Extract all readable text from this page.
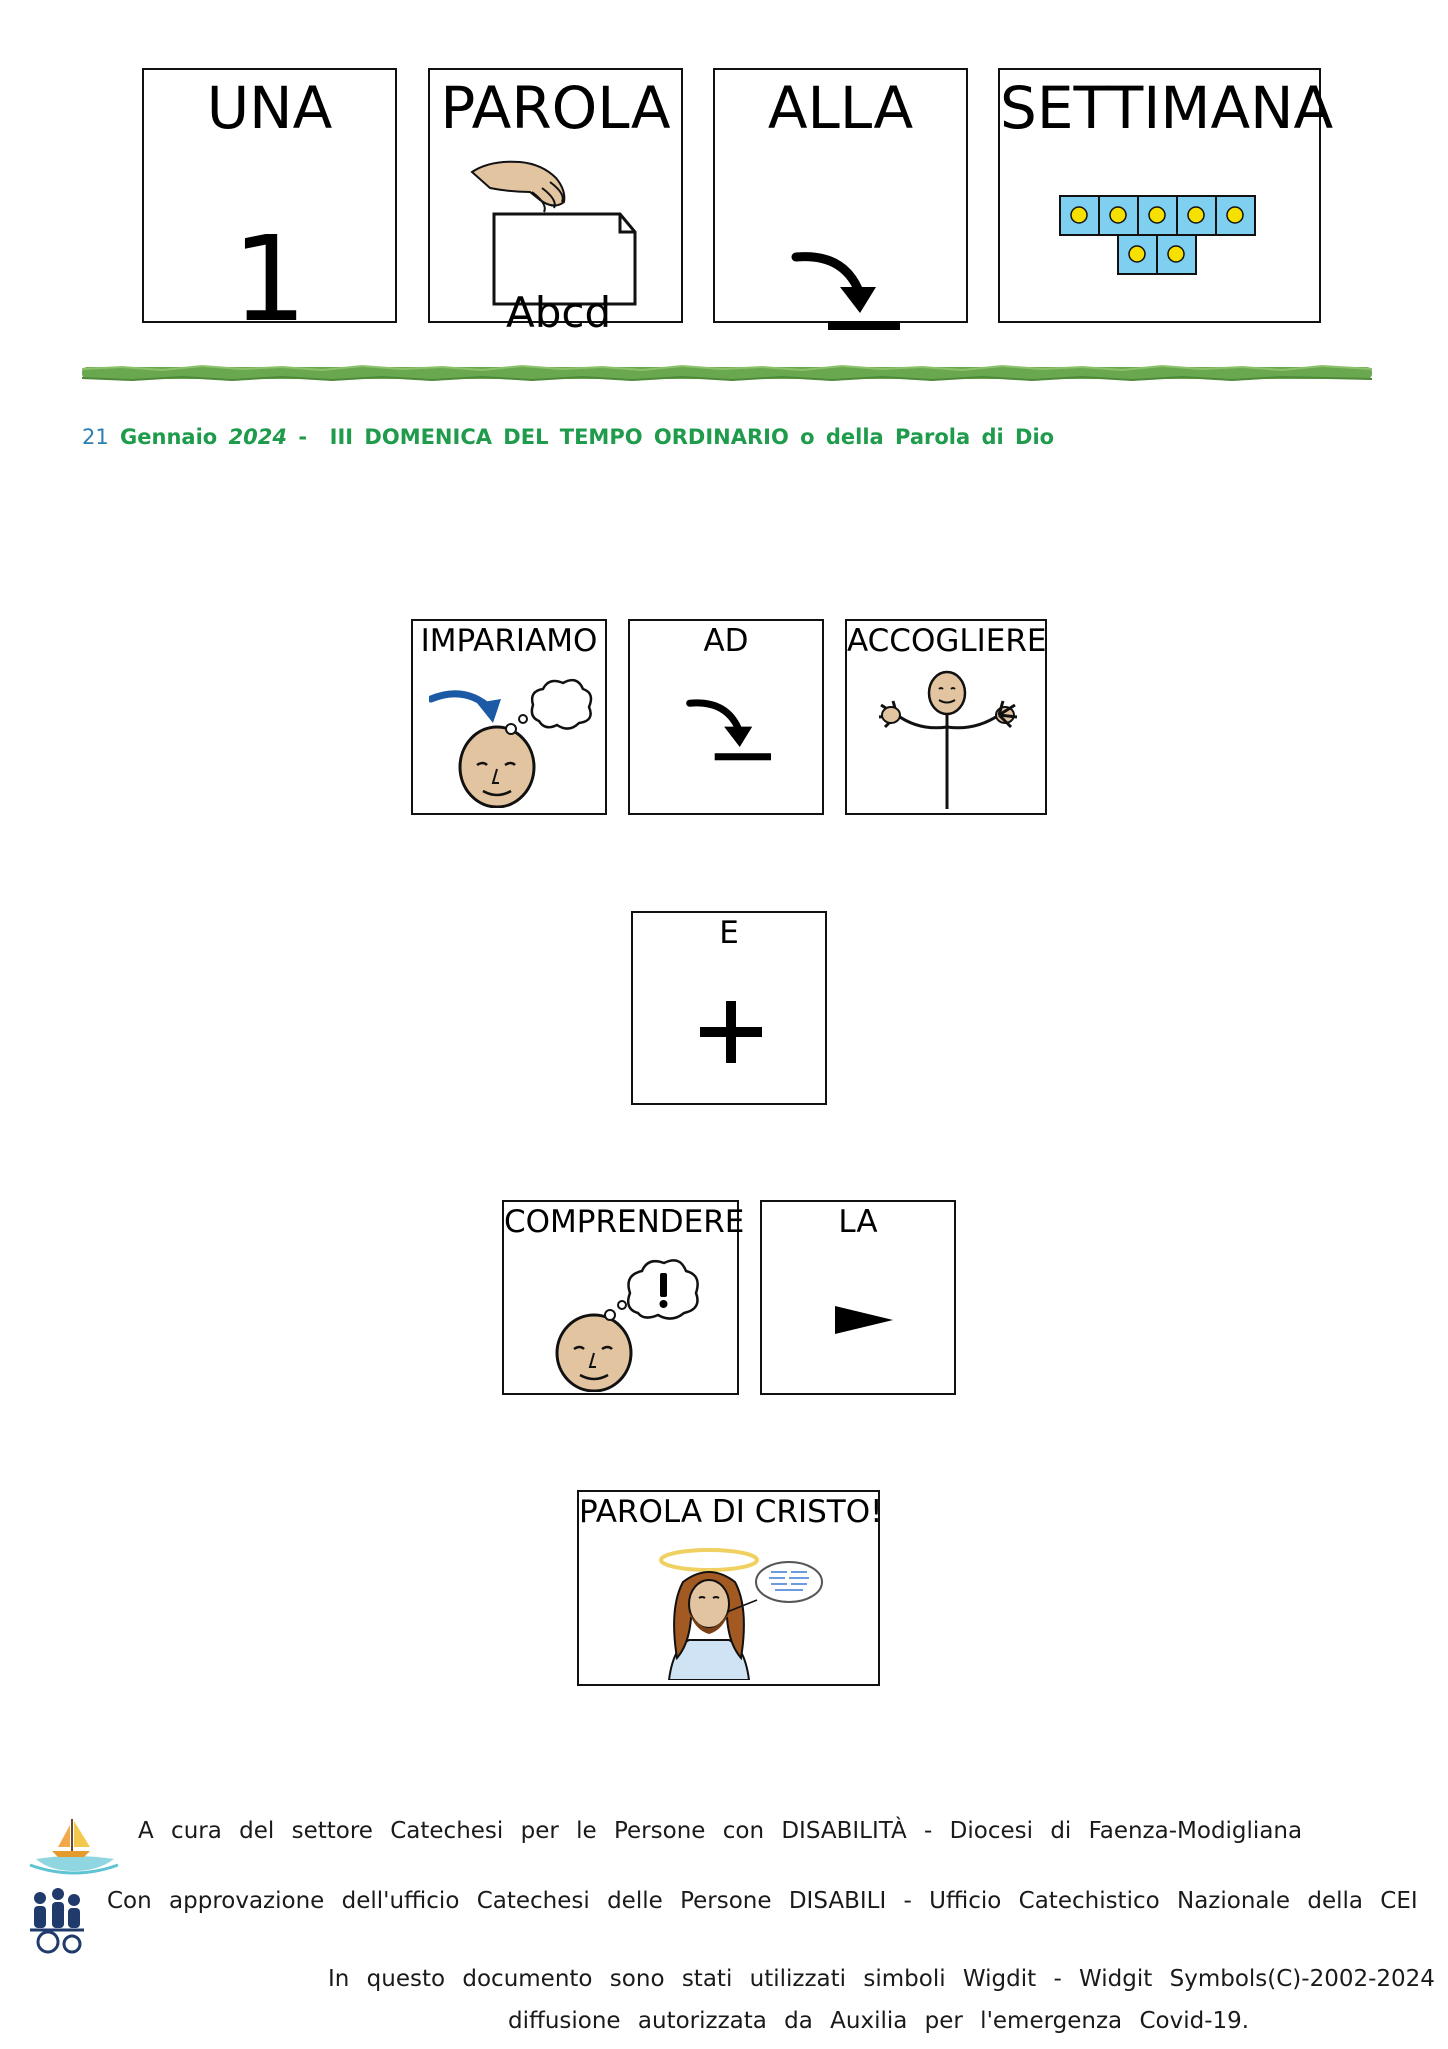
UNA
1
PAROLA
Abcd
ALLA	SETTIMANA
21 Gennaio 2024 - III DOMENICA DEL TEMPO ORDINARIO o della Parola di Dio
IMPARIAMO	AD	ACCOGLIERE
E
COMPRENDERE	LA
PAROLA DI CRISTO!
A cura del settore Catechesi per le Persone con DISABILITÀ - Diocesi di Faenza-Modigliana
Con approvazione dell'ufficio Catechesi delle Persone DISABILI - Ufficio Catechistico Nazionale della CEI
In questo documento sono stati utilizzati simboli Wigdit - Widgit Symbols(C)-2002-2024
diffusione autorizzata da Auxilia per l'emergenza Covid-19.
